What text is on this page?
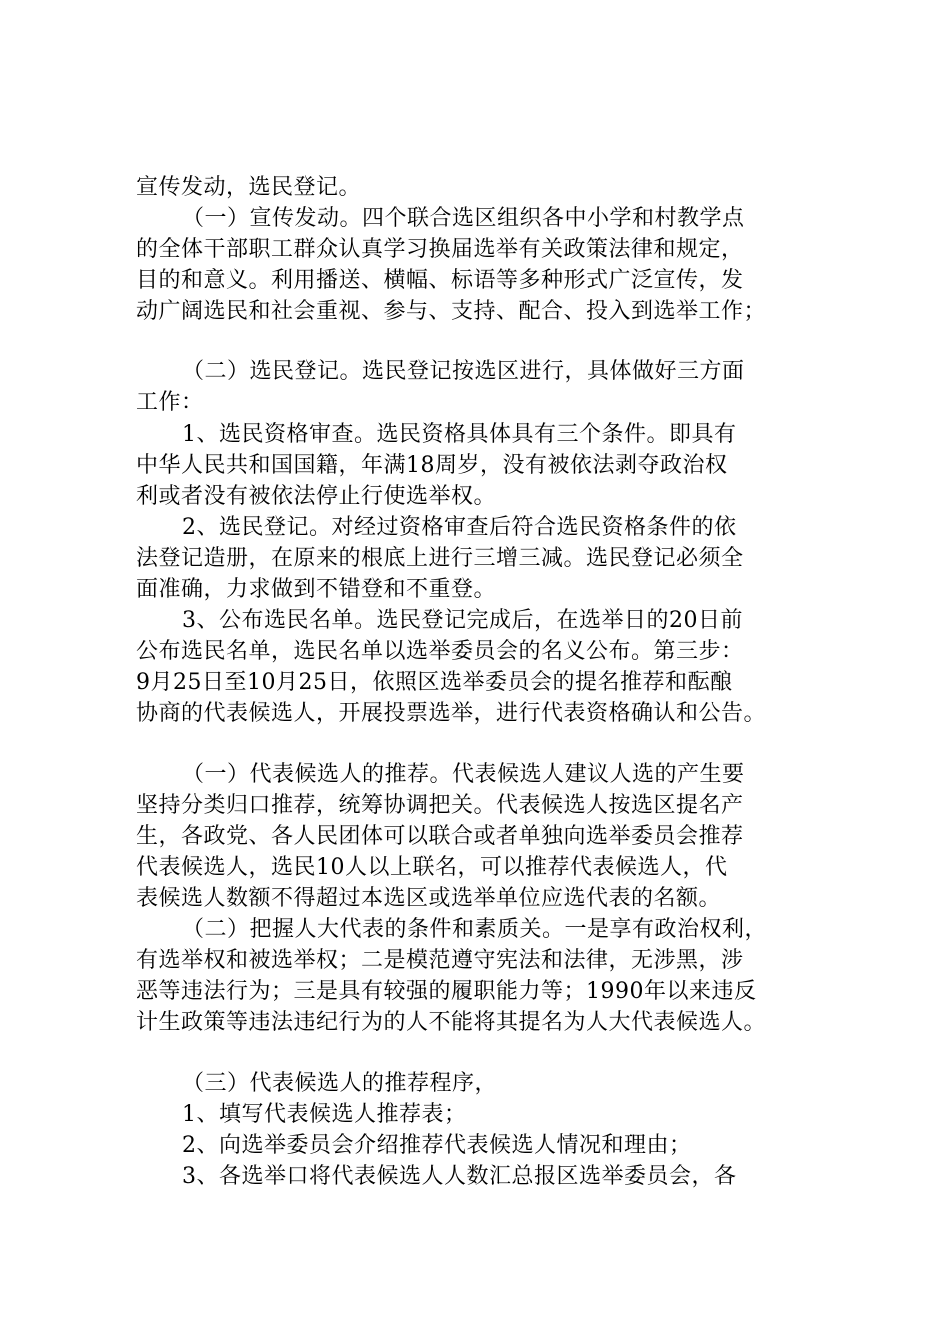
宣传发动，选民登记。
（一）宣传发动。四个联合选区组织各中小学和村教学点
的全体干部职工群众认真学习换届选举有关政策法律和规定，
目的和意义。利用播送、横幅、标语等多种形式广泛宣传，发
动广阔选民和社会重视、参与、支持、配合、投入到选举工作；
（二）选民登记。选民登记按选区进行，具体做好三方面
工作：
1、选民资格审查。选民资格具体具有三个条件。即具有
中华人民共和国国籍，年满18周岁，没有被依法剥夺政治权
利或者没有被依法停止行使选举权。
2、选民登记。对经过资格审查后符合选民资格条件的依
法登记造册，在原来的根底上进行三增三减。选民登记必须全
面准确，力求做到不错登和不重登。
3、公布选民名单。选民登记完成后，在选举日的20日前
公布选民名单，选民名单以选举委员会的名义公布。第三步：
9月25日至10月25日，依照区选举委员会的提名推荐和酝酿
协商的代表候选人，开展投票选举，进行代表资格确认和公告。
（一）代表候选人的推荐。代表候选人建议人选的产生要
坚持分类归口推荐，统筹协调把关。代表候选人按选区提名产
生，各政党、各人民团体可以联合或者单独向选举委员会推荐
代表候选人，选民10人以上联名，可以推荐代表候选人，代
表候选人数额不得超过本选区或选举单位应选代表的名额。
（二）把握人大代表的条件和素质关。一是享有政治权利，
有选举权和被选举权；二是模范遵守宪法和法律，无涉黑，涉
恶等违法行为；三是具有较强的履职能力等；1990年以来违反
计生政策等违法违纪行为的人不能将其提名为人大代表候选人。
（三）代表候选人的推荐程序，
1、填写代表候选人推荐表；
2、向选举委员会介绍推荐代表候选人情况和理由；
3、各选举口将代表候选人人数汇总报区选举委员会，各
